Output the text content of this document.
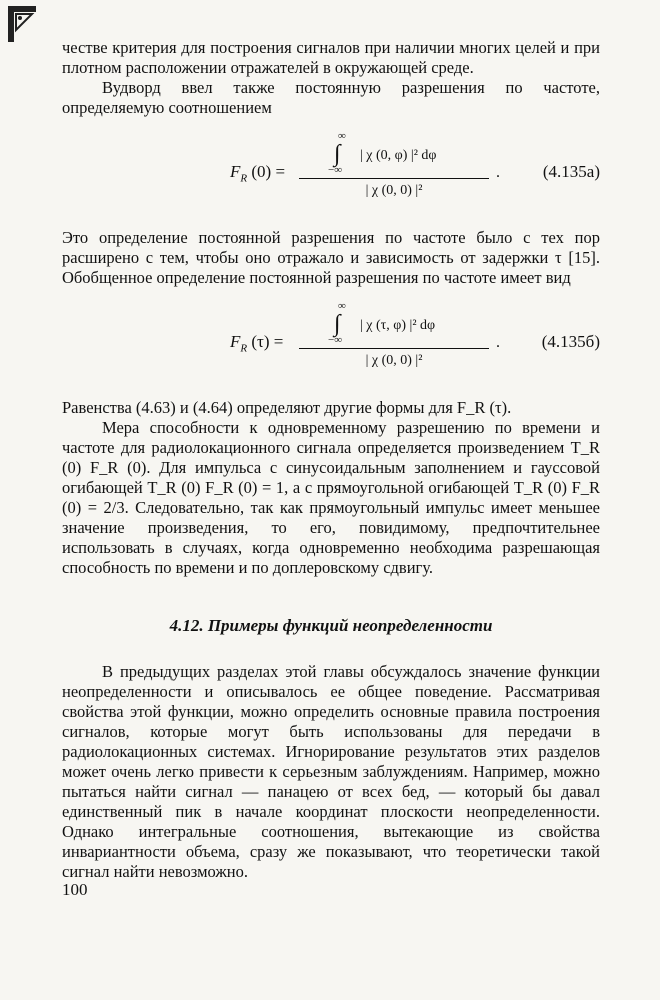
честве критерия для построения сигналов при наличии многих целей и при плотном расположении отражателей в окружающей среде.

Вудворд ввел также постоянную разрешения по частоте, определяемую соотношением

$F_R$ (0) =
∞
∫
−∞
| χ (0, φ) |² dφ
| χ (0, 0) |²
.	(4.135а)

Это определение постоянной разрешения по частоте было с тех пор расширено с тем, чтобы оно отражало и зависимость от задержки τ [15]. Обобщенное определение постоянной разрешения по частоте имеет вид

$F_R$ (τ) =
∞
∫
−∞
| χ (τ, φ) |² dφ
| χ (0, 0) |²
. (4.135б)

Равенства (4.63) и (4.64) определяют другие формы для F_R (τ).

Мера способности к одновременному разрешению по времени и частоте для радиолокационного сигнала определяется произведением T_R (0) F_R (0). Для импульса с синусоидальным заполнением и гауссовой огибающей T_R (0) F_R (0) = 1, а с прямоугольной огибающей T_R (0) F_R (0) = 2/3. Следовательно, так как прямоугольный импульс имеет меньшее значение произведения, то его, повидимому, предпочтительнее использовать в случаях, когда одновременно необходима разрешающая способность по времени и по доплеровскому сдвигу.

4.12. Примеры функций неопределенности

В предыдущих разделах этой главы обсуждалось значение функции неопределенности и описывалось ее общее поведение. Рассматривая свойства этой функции, можно определить основные правила построения сигналов, которые могут быть использованы для передачи в радиолокационных системах. Игнорирование результатов этих разделов может очень легко привести к серьезным заблуждениям. Например, можно пытаться найти сигнал — панацею от всех бед, — который бы давал единственный пик в начале координат плоскости неопределенности. Однако интегральные соотношения, вытекающие из свойства инвариантности объема, сразу же показывают, что теоретически такой сигнал найти невозможно.

100
